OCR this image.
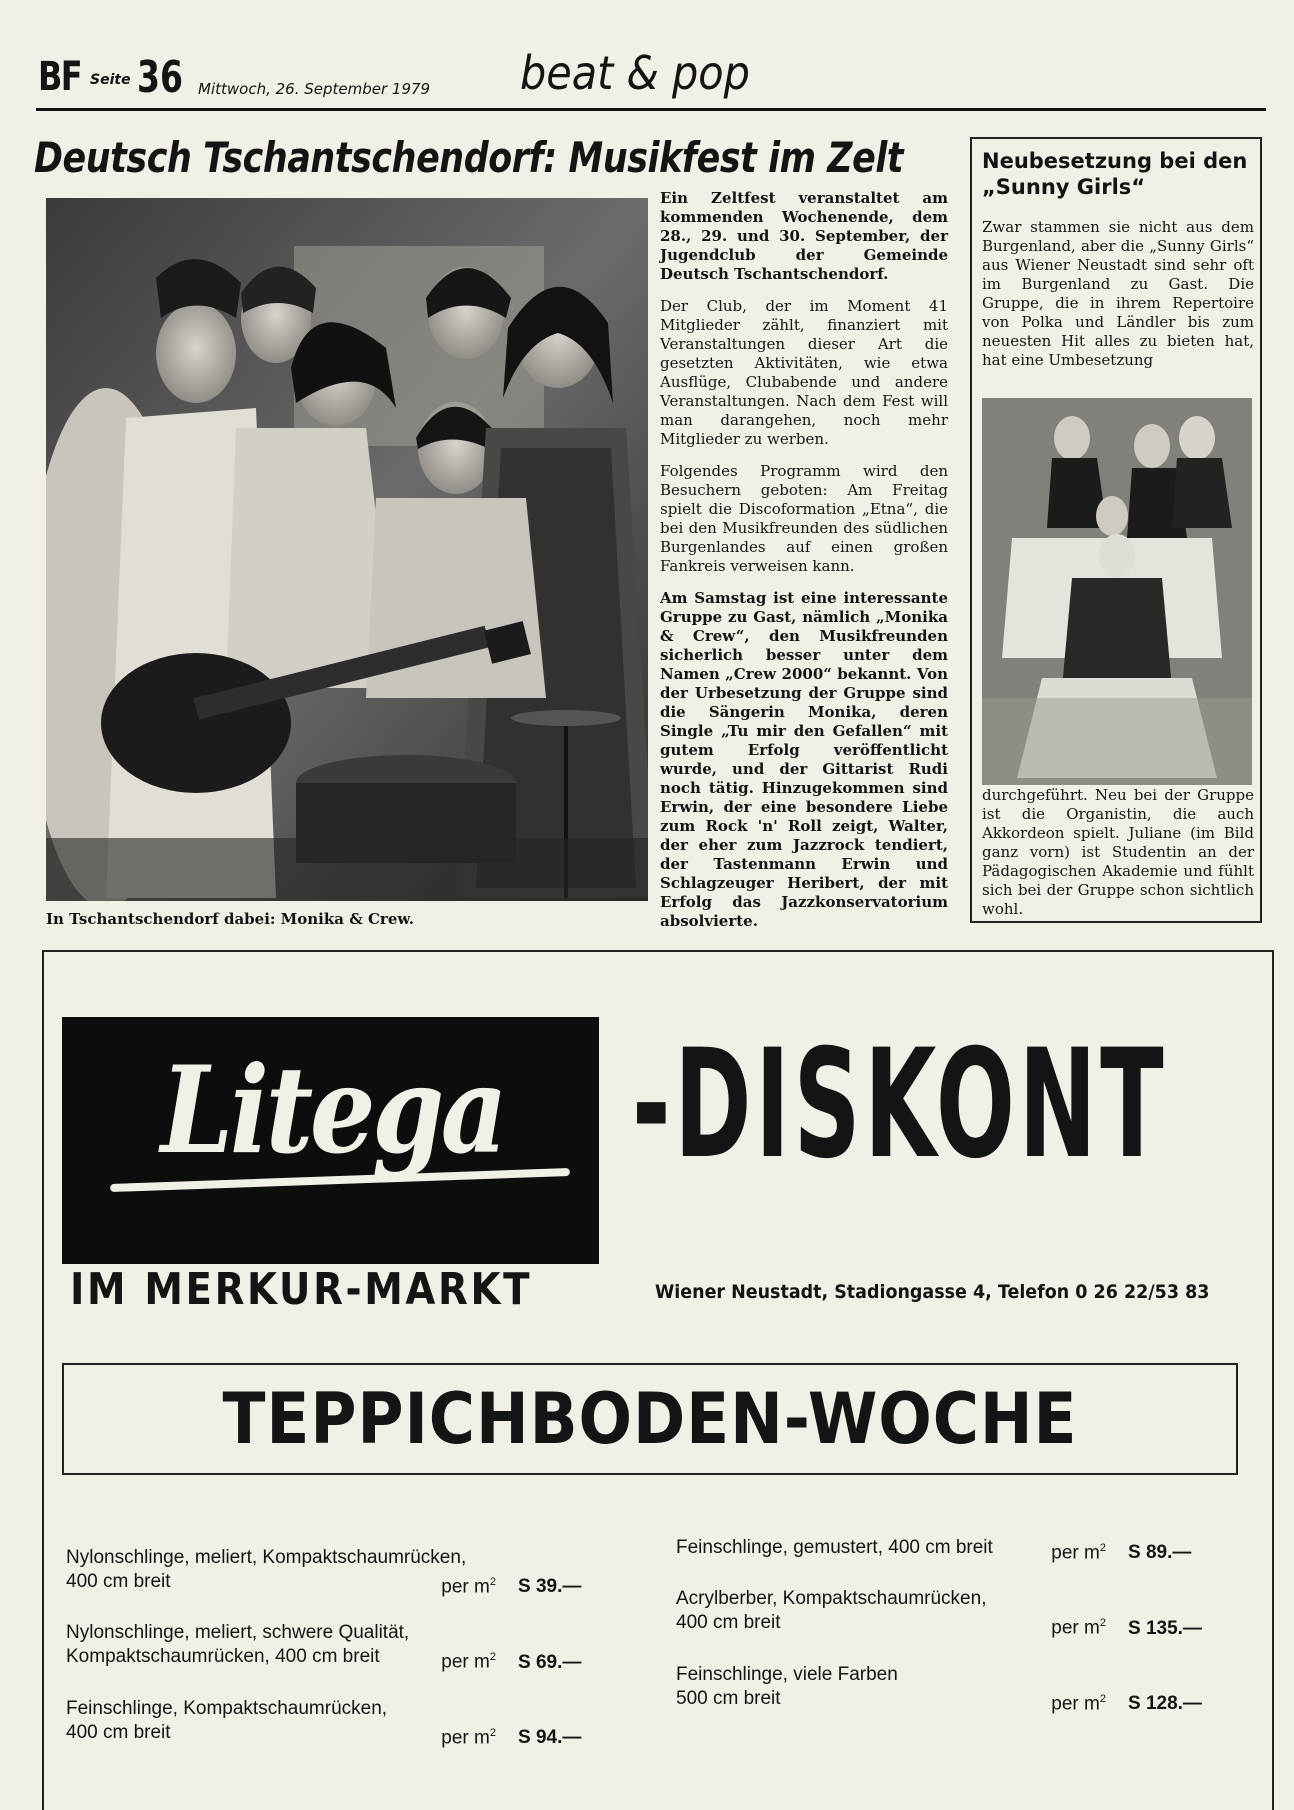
BF Seite 36 Mittwoch, 26. September 1979 beat & pop
Deutsch Tschantschendorf: Musikfest im Zelt
In Tschantschendorf dabei: Monika & Crew.

Ein Zeltfest veranstaltet am kommenden Wochenende, dem 28., 29. und 30. September, der Jugendclub der Gemeinde Deutsch Tschantschendorf.

Der Club, der im Moment 41 Mitglieder zählt, finanziert mit Veranstaltungen dieser Art die gesetzten Aktivitäten, wie etwa Ausflüge, Clubabende und andere Veranstaltungen. Nach dem Fest will man darangehen, noch mehr Mitglieder zu werben.

Folgendes Programm wird den Besuchern geboten: Am Freitag spielt die Discoformation „Etna“, die bei den Musikfreunden des südlichen Burgenlandes auf einen großen Fankreis verweisen kann.

Am Samstag ist eine interessante Gruppe zu Gast, nämlich „Monika & Crew“, den Musikfreunden sicherlich besser unter dem Namen „Crew 2000“ bekannt. Von der Urbesetzung der Gruppe sind die Sängerin Monika, deren Single „Tu mir den Gefallen“ mit gutem Erfolg veröffentlicht wurde, und der Gittarist Rudi noch tätig. Hinzugekommen sind Erwin, der eine besondere Liebe zum Rock 'n' Roll zeigt, Walter, der eher zum Jazzrock tendiert, der Tastenmann Erwin und Schlagzeuger Heribert, der mit Erfolg das Jazzkonservatorium absolvierte.

Neubesetzung bei den „Sunny Girls“
Zwar stammen sie nicht aus dem Burgenland, aber die „Sunny Girls“ aus Wiener Neustadt sind sehr oft im Burgenland zu Gast. Die Gruppe, die in ihrem Repertoire von Polka und Ländler bis zum neuesten Hit alles zu bieten hat, hat eine Umbesetzung
durchgeführt. Neu bei der Gruppe ist die Organistin, die auch Akkordeon spielt. Juliane (im Bild ganz vorn) ist Studentin an der Pädagogischen Akademie und fühlt sich bei der Gruppe schon sichtlich wohl.
Litega -DISKONT
IM MERKUR-MARKT	Wiener Neustadt, Stadiongasse 4, Telefon 0 26 22/53 83
TEPPICHBODEN-WOCHE
Nylonschlinge, meliert, Kompaktschaumrücken,
400 cm breit	per $m^2$ S 39.—
Nylonschlinge, meliert, schwere Qualität,
Kompaktschaumrücken, 400 cm breit	per $m^2$ S 69.—
Feinschlinge, Kompaktschaumrücken,
400 cm breit	per $m^2$ S 94.—
Feinschlinge, gemustert, 400 cm breit	per $m^2$ S 89.—
Acrylberber, Kompaktschaumrücken,
400 cm breit	per $m^2$ S 135.—
Feinschlinge, viele Farben
500 cm breit	per $m^2$ S 128.—
